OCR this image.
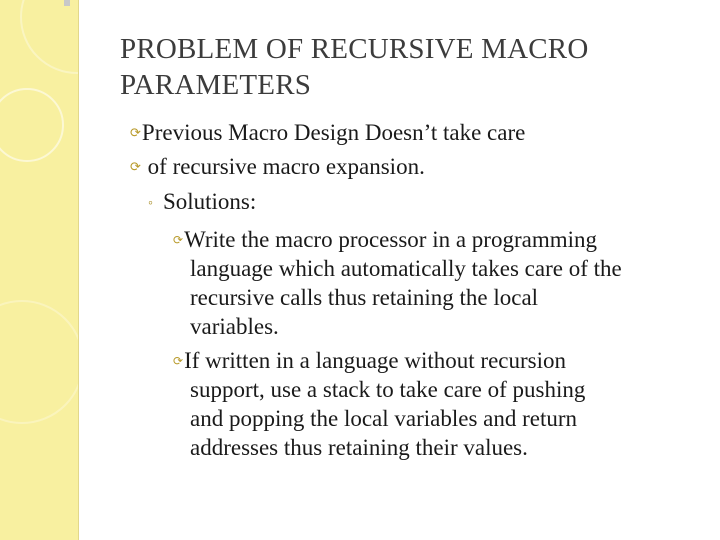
PROBLEM OF RECURSIVE MACRO
PARAMETERS
⟳Previous Macro Design Doesn’t take care
⟳ of recursive macro expansion.
◦ Solutions:
⟳Write the macro processor in a programming
language which automatically takes care of the
recursive calls thus retaining the local
variables.
⟳If written in a language without recursion
support, use a stack to take care of pushing
and popping the local variables and return
addresses thus retaining their values.
